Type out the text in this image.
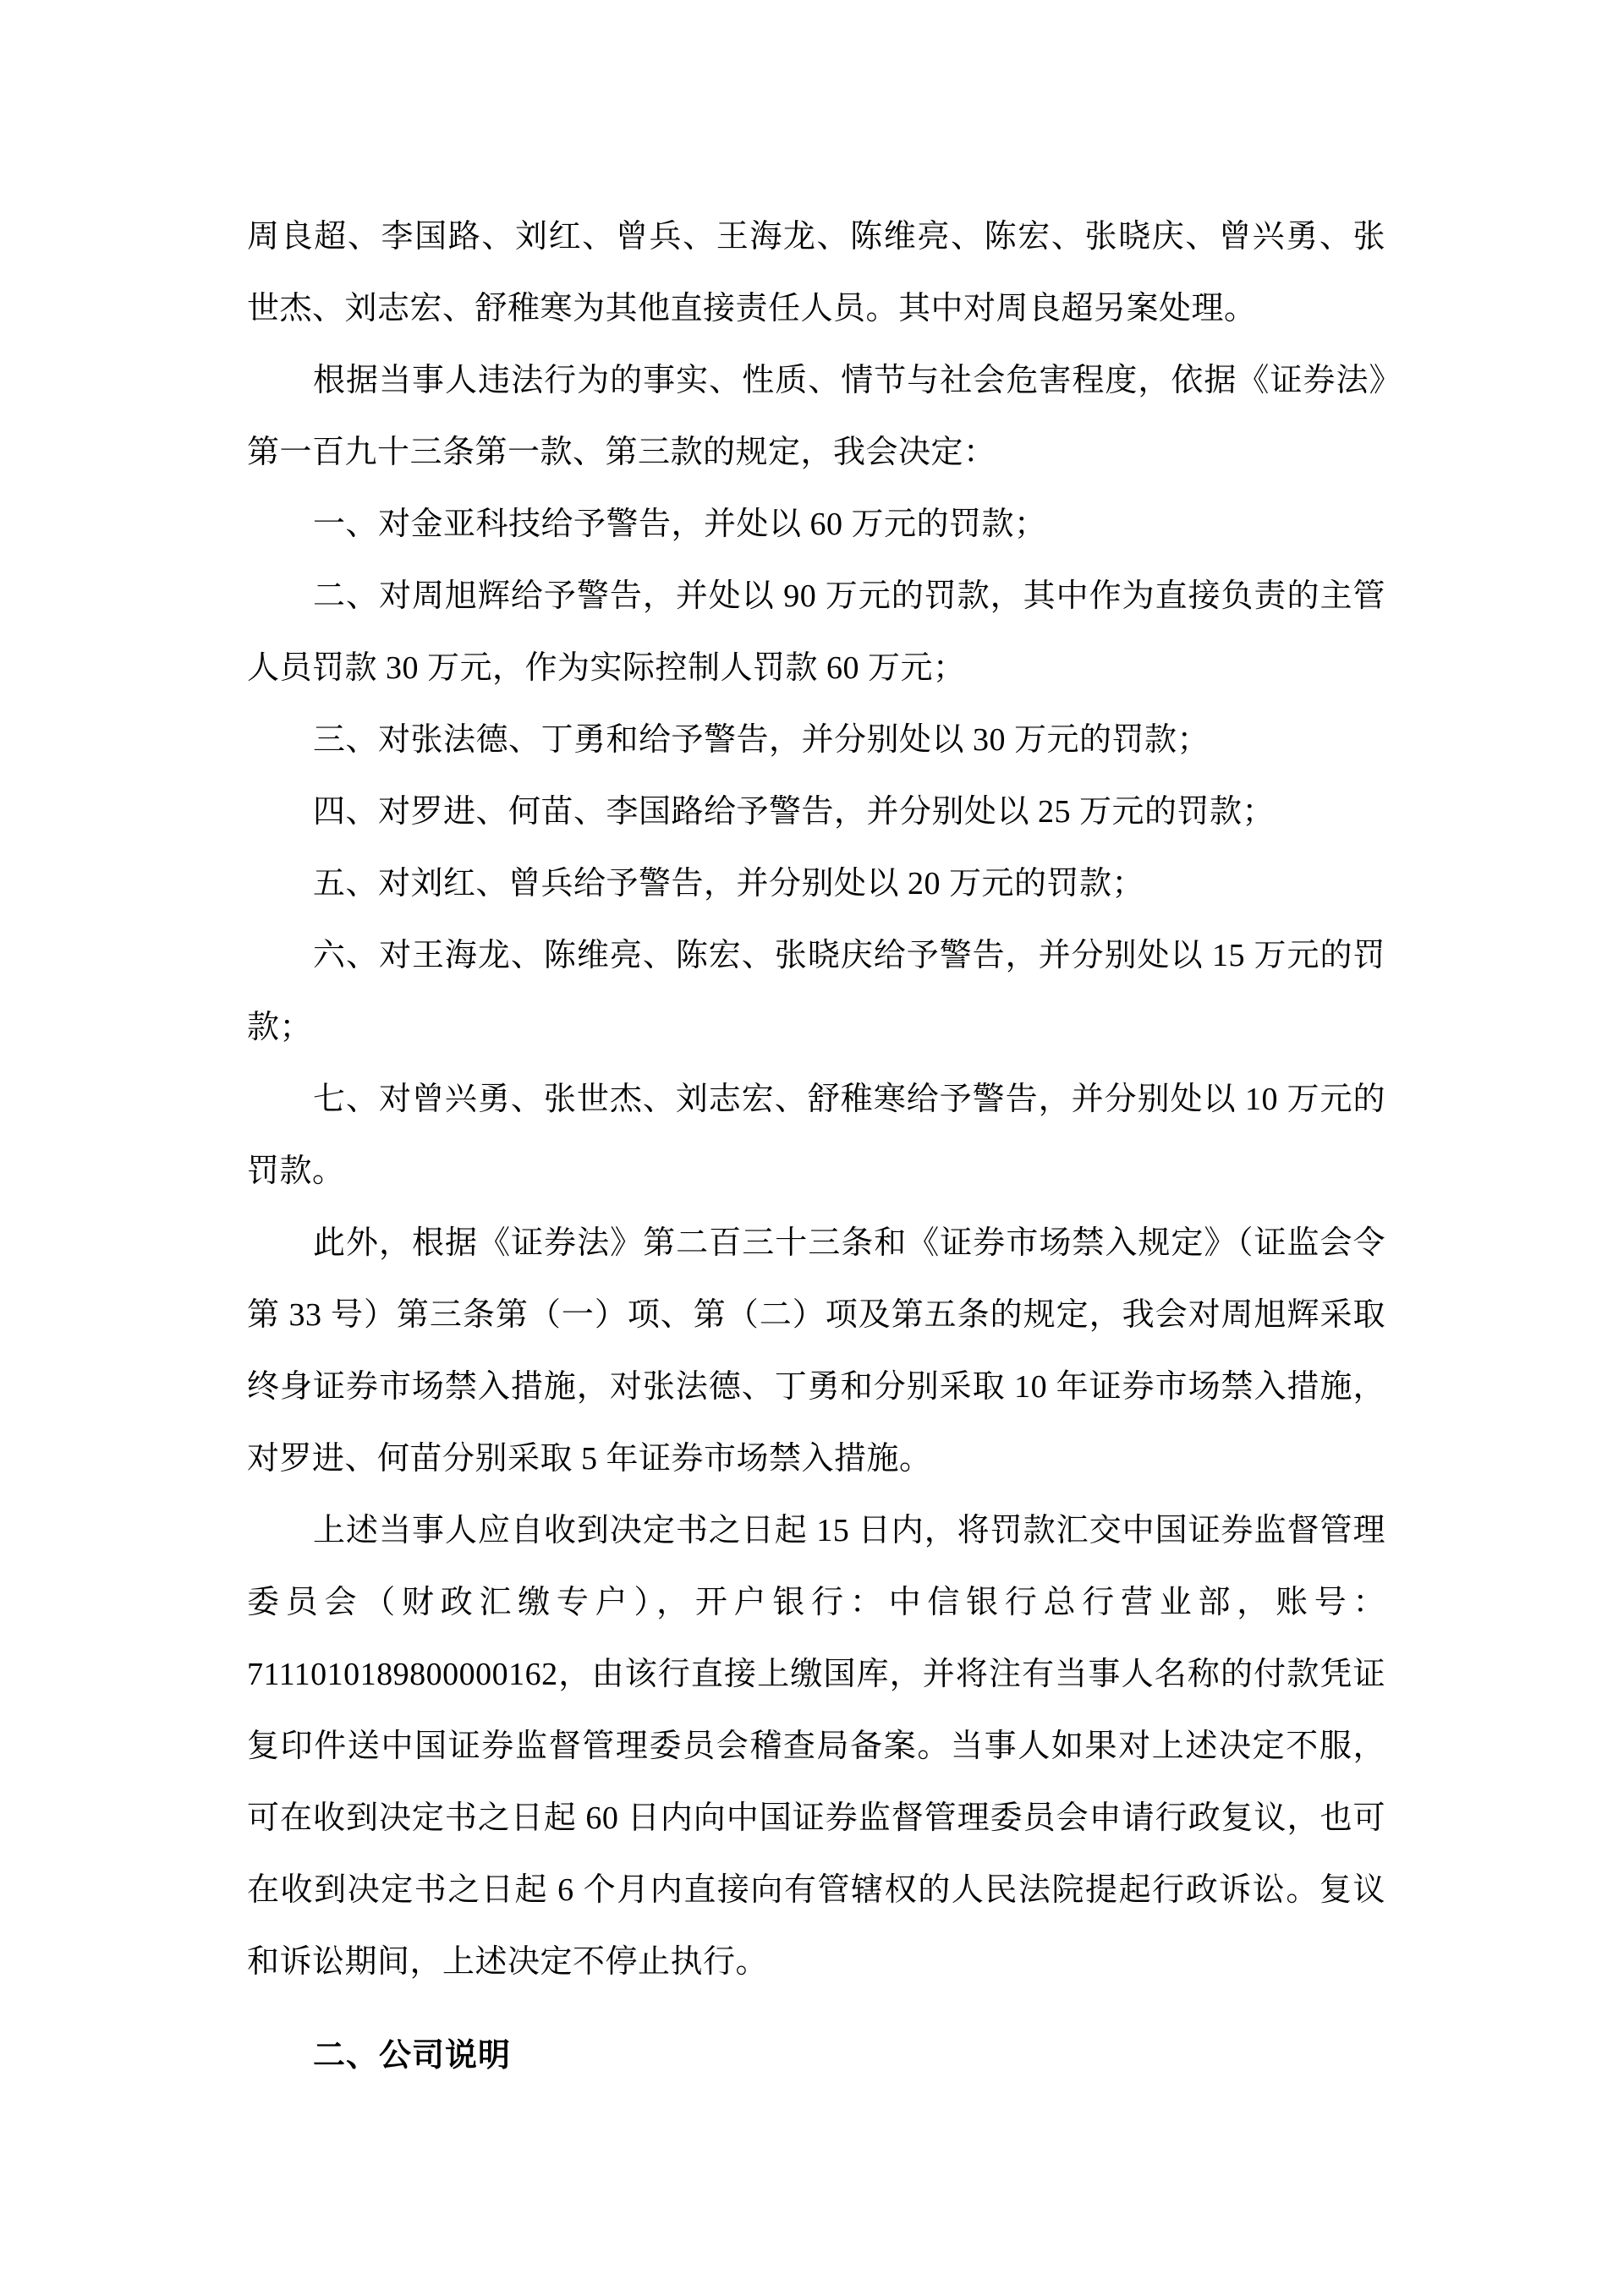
周良超、李国路、刘红、曾兵、王海龙、陈维亮、陈宏、张晓庆、曾兴勇、张世杰、刘志宏、舒稚寒为其他直接责任人员。其中对周良超另案处理。

根据当事人违法行为的事实、性质、情节与社会危害程度，依据《证券法》第一百九十三条第一款、第三款的规定，我会决定：

一、对金亚科技给予警告，并处以 60 万元的罚款；

二、对周旭辉给予警告，并处以 90 万元的罚款，其中作为直接负责的主管人员罚款 30 万元，作为实际控制人罚款 60 万元；

三、对张法德、丁勇和给予警告，并分别处以 30 万元的罚款；

四、对罗进、何苗、李国路给予警告，并分别处以 25 万元的罚款；

五、对刘红、曾兵给予警告，并分别处以 20 万元的罚款；

六、对王海龙、陈维亮、陈宏、张晓庆给予警告，并分别处以 15 万元的罚款；

七、对曾兴勇、张世杰、刘志宏、舒稚寒给予警告，并分别处以 10 万元的罚款。

此外，根据《证券法》第二百三十三条和《证券市场禁入规定》（证监会令第 33 号）第三条第（一）项、第（二）项及第五条的规定，我会对周旭辉采取终身证券市场禁入措施，对张法德、丁勇和分别采取 10 年证券市场禁入措施，对罗进、何苗分别采取 5 年证券市场禁入措施。

上述当事人应自收到决定书之日起 15 日内，将罚款汇交中国证券监督管理委员会（财政汇缴专户），开户银行：中信银行总行营业部，账号：7111010189800000162，由该行直接上缴国库，并将注有当事人名称的付款凭证复印件送中国证券监督管理委员会稽查局备案。当事人如果对上述决定不服，可在收到决定书之日起 60 日内向中国证券监督管理委员会申请行政复议，也可在收到决定书之日起 6 个月内直接向有管辖权的人民法院提起行政诉讼。复议和诉讼期间，上述决定不停止执行。

二、公司说明
